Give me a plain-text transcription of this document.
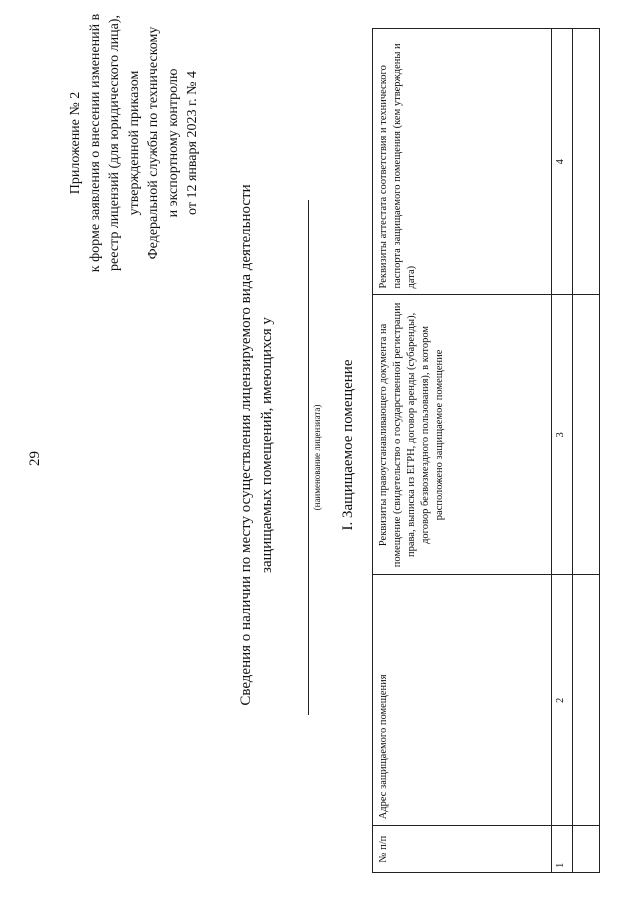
Приложение № 2 к форме заявления о внесении изменений в реестр лицензий (для юридического лица), утвержденной приказом Федеральной службы по техническому и экспортному контролю от 12 января 2023 г. № 4
Сведения о наличии по месту осуществления лицензируемого вида деятельности защищаемых помещений, имеющихся у	(наименование лицензиата) I. Защищаемое помещение
№ п/п	Адрес защищаемого помещения	Реквизиты правоустанавливающего документа на помещение (свидетельство о государственной регистрации права, выписка из ЕГРН, договор аренды (субаренды), договор безвозмездного пользования), в котором расположено защищаемое помещение	Реквизиты аттестата соответствия и технического паспорта защищаемого помещения (кем утверждены и дата)
1	2	3	4

29
